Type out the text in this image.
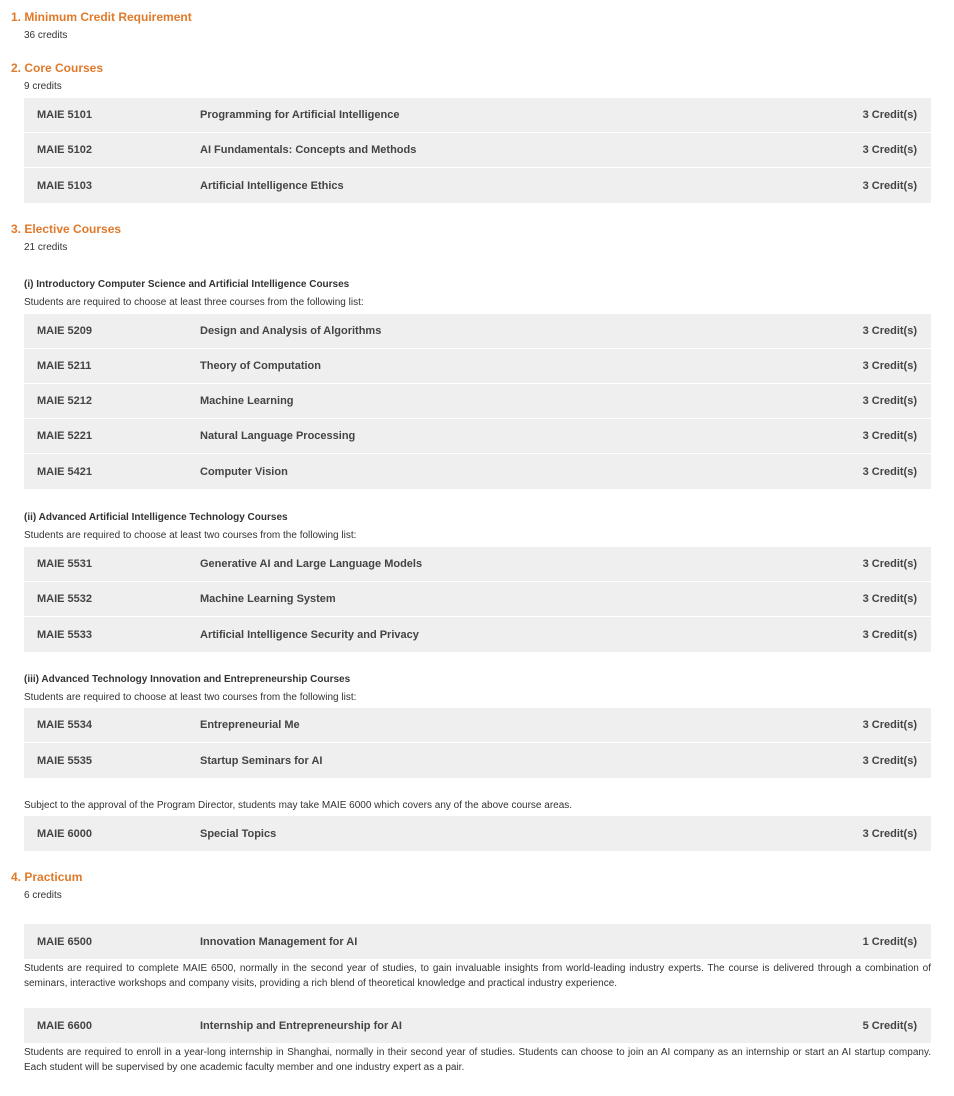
1. Minimum Credit Requirement
36 credits
2. Core Courses
9 credits
MAIE 5101	Programming for Artificial Intelligence	3 Credit(s)
MAIE 5102	AI Fundamentals: Concepts and Methods	3 Credit(s)
MAIE 5103	Artificial Intelligence Ethics	3 Credit(s)
3. Elective Courses
21 credits
(i) Introductory Computer Science and Artificial Intelligence Courses
Students are required to choose at least three courses from the following list:
MAIE 5209	Design and Analysis of Algorithms	3 Credit(s)
MAIE 5211	Theory of Computation	3 Credit(s)
MAIE 5212	Machine Learning	3 Credit(s)
MAIE 5221	Natural Language Processing	3 Credit(s)
MAIE 5421	Computer Vision	3 Credit(s)
(ii) Advanced Artificial Intelligence Technology Courses
Students are required to choose at least two courses from the following list:
MAIE 5531	Generative AI and Large Language Models	3 Credit(s)
MAIE 5532	Machine Learning System	3 Credit(s)
MAIE 5533	Artificial Intelligence Security and Privacy	3 Credit(s)
(iii) Advanced Technology Innovation and Entrepreneurship Courses
Students are required to choose at least two courses from the following list:
MAIE 5534	Entrepreneurial Me	3 Credit(s)
MAIE 5535	Startup Seminars for AI	3 Credit(s)
Subject to the approval of the Program Director, students may take MAIE 6000 which covers any of the above course areas.
MAIE 6000	Special Topics	3 Credit(s)
4. Practicum
6 credits
MAIE 6500	Innovation Management for AI	1 Credit(s)
Students are required to complete MAIE 6500, normally in the second year of studies, to gain invaluable insights from world-leading industry experts. The course is delivered through a combination of seminars, interactive workshops and company visits, providing a rich blend of theoretical knowledge and practical industry experience.
MAIE 6600	Internship and Entrepreneurship for AI	5 Credit(s)
Students are required to enroll in a year-long internship in Shanghai, normally in their second year of studies. Students can choose to join an AI company as an internship or start an AI startup company. Each student will be supervised by one academic faculty member and one industry expert as a pair.
